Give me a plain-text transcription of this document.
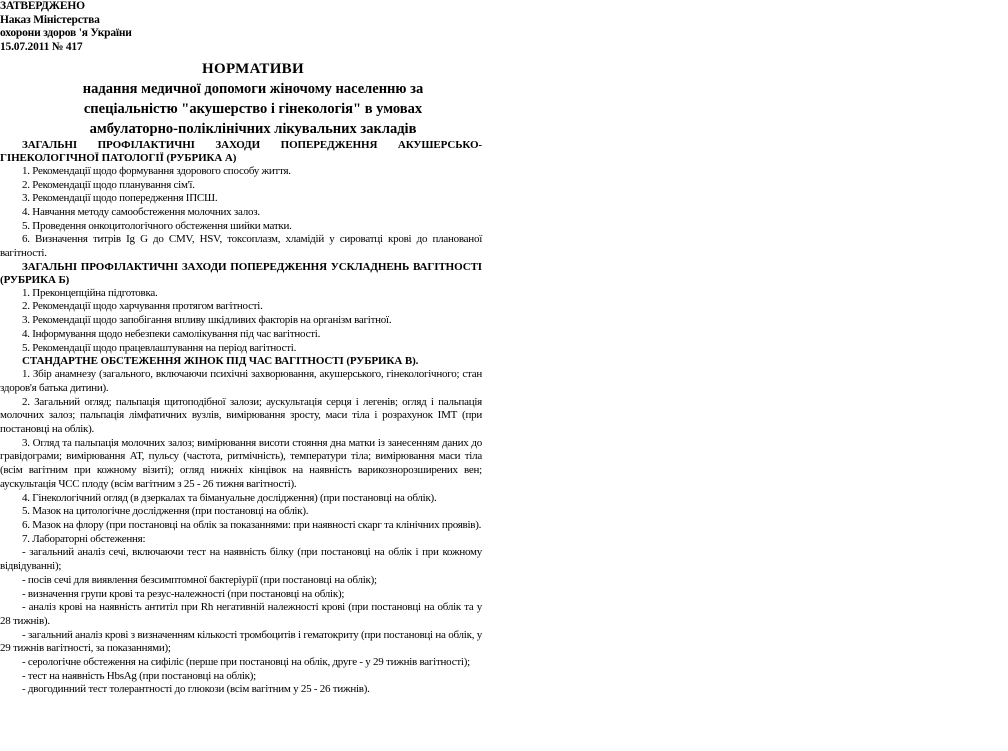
ЗАТВЕРДЖЕНО
Наказ Міністерства
охорони здоров 'я України
15.07.2011 № 417
НОРМАТИВИ
надання медичної допомоги жіночому населенню за
спеціальністю "акушерство і гінекологія" в умовах
амбулаторно-поліклінічних лікувальних закладів
ЗАГАЛЬНІ ПРОФІЛАКТИЧНІ ЗАХОДИ ПОПЕРЕДЖЕННЯ АКУШЕРСЬКО-ГІНЕКОЛОГІЧНОЇ ПАТОЛОГІЇ (РУБРИКА А)
1. Рекомендації щодо формування здорового способу життя.
2. Рекомендації щодо планування сім'ї.
3. Рекомендації щодо попередження ІПСШ.
4. Навчання методу самообстеження молочних залоз.
5. Проведення онкоцитологічного обстеження шийки матки.
6. Визначення титрів Ig G до CMV, HSV, токсоплазм, хламідій у сироватці крові до планованої вагітності.
ЗАГАЛЬНІ ПРОФІЛАКТИЧНІ ЗАХОДИ ПОПЕРЕДЖЕННЯ УСКЛАДНЕНЬ ВАГІТНОСТІ (РУБРИКА Б)
1. Преконцепційна підготовка.
2. Рекомендації щодо харчування протягом вагітності.
3. Рекомендації щодо запобігання впливу шкідливих факторів на організм вагітної.
4. Інформування щодо небезпеки самолікування під час вагітності.
5. Рекомендації щодо працевлаштування на період вагітності.
СТАНДАРТНЕ ОБСТЕЖЕННЯ ЖІНОК ПІД ЧАС ВАГІТНОСТІ (РУБРИКА В).
1. Збір анамнезу (загального, включаючи психічні захворювання, акушерського, гінекологічного; стан здоров'я батька дитини).
2. Загальний огляд; пальпація щитоподібної залози; аускультація серця і легенів; огляд і пальпація молочних залоз; пальпація лімфатичних вузлів, вимірювання зросту, маси тіла і розрахунок ІМТ (при постановці на облік).
3. Огляд та пальпація молочних залоз; вимірювання висоти стояння дна матки із занесенням даних до гравідограми; вимірювання АТ, пульсу (частота, ритмічність), температури тіла; вимірювання маси тіла (всім вагітним при кожному візиті); огляд нижніх кінцівок на наявність варикознорозширених вен; аускультація ЧСС плоду (всім вагітним з 25 - 26 тижня вагітності).
4. Гінекологічний огляд (в дзеркалах та бімануальне дослідження) (при постановці на облік).
5. Мазок на цитологічне дослідження (при постановці на облік).
6. Мазок на флору (при постановці на облік за показаннями: при наявності скарг та клінічних проявів).
7. Лабораторні обстеження:
- загальний аналіз сечі, включаючи тест на наявність білку (при постановці на облік і при кожному відвідуванні);
- посів сечі для виявлення безсимптомної бактеріурії (при постановці на облік);
- визначення групи крові та резус-належності (при постановці на облік);
- аналіз крові на наявність антитіл при Rh негативній належності крові (при постановці на облік та у 28 тижнів).
- загальний аналіз крові з визначенням кількості тромбоцитів і гематокриту (при постановці на облік, у 29 тижнів вагітності, за показаннями);
- серологічне обстеження на сифіліс (перше при постановці на облік, друге - у 29 тижнів вагітності);
- тест на наявність HbsAg (при постановці на облік);
- двогодинний тест толерантності до глюкози (всім вагітним у 25 - 26 тижнів).
